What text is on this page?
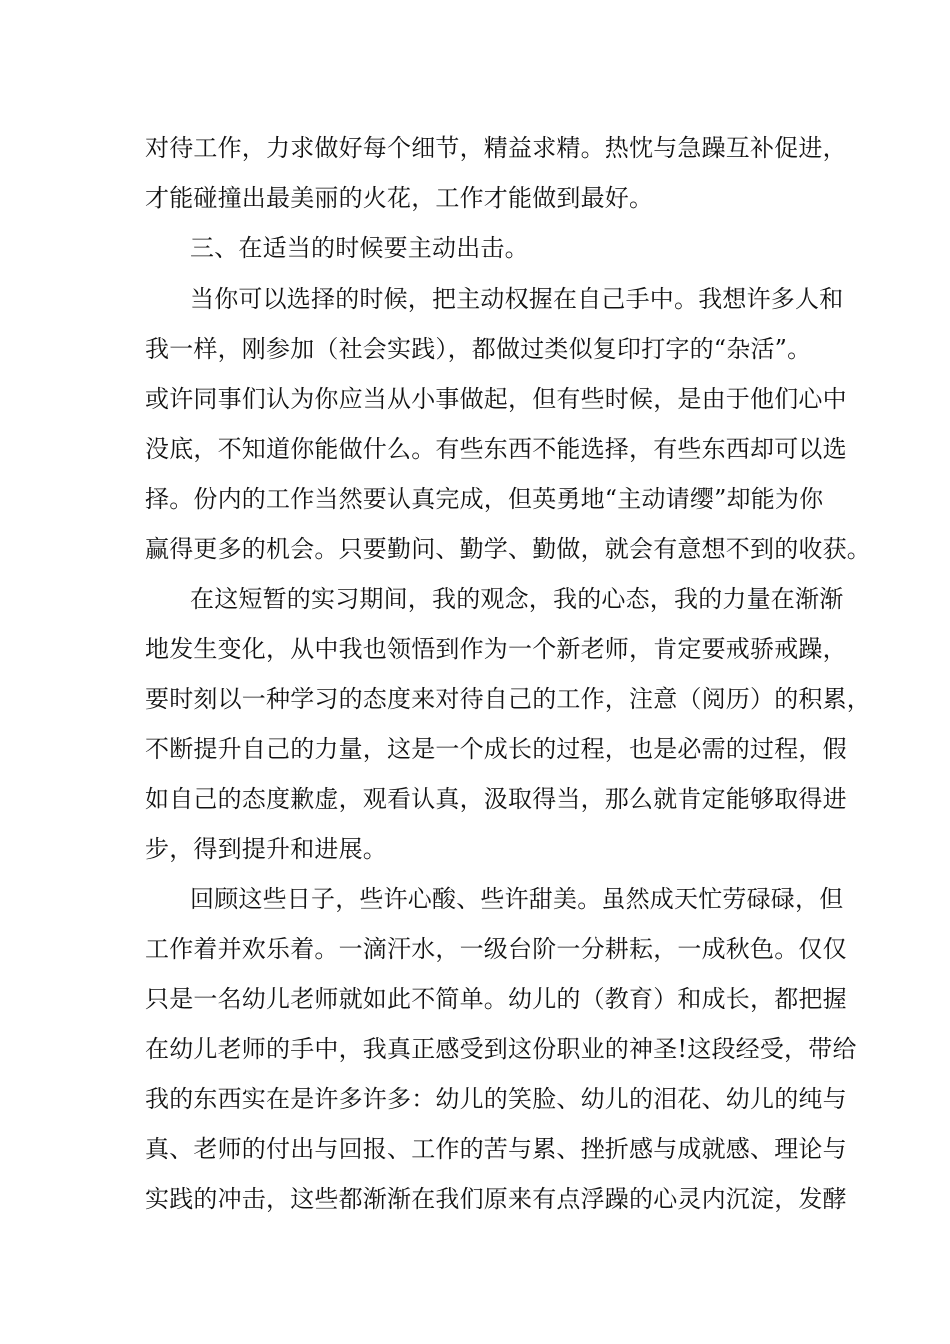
对待工作，力求做好每个细节，精益求精。热忱与急躁互补促进，
才能碰撞出最美丽的火花，工作才能做到最好。
三、在适当的时候要主动出击。
当你可以选择的时候，把主动权握在自己手中。我想许多人和
我一样，刚参加（社会实践），都做过类似复印打字的“杂活”。
或许同事们认为你应当从小事做起，但有些时候，是由于他们心中
没底，不知道你能做什么。有些东西不能选择，有些东西却可以选
择。份内的工作当然要认真完成，但英勇地“主动请缨”却能为你
赢得更多的机会。只要勤问、勤学、勤做，就会有意想不到的收获。
在这短暂的实习期间，我的观念，我的心态，我的力量在渐渐
地发生变化，从中我也领悟到作为一个新老师，肯定要戒骄戒躁，
要时刻以一种学习的态度来对待自己的工作，注意（阅历）的积累，
不断提升自己的力量，这是一个成长的过程，也是必需的过程，假
如自己的态度歉虚，观看认真，汲取得当，那么就肯定能够取得进
步，得到提升和进展。
回顾这些日子，些许心酸、些许甜美。虽然成天忙劳碌碌，但
工作着并欢乐着。一滴汗水，一级台阶一分耕耘，一成秋色。仅仅
只是一名幼儿老师就如此不简单。幼儿的（教育）和成长，都把握
在幼儿老师的手中，我真正感受到这份职业的神圣!这段经受，带给
我的东西实在是许多许多：幼儿的笑脸、幼儿的泪花、幼儿的纯与
真、老师的付出与回报、工作的苦与累、挫折感与成就感、理论与
实践的冲击，这些都渐渐在我们原来有点浮躁的心灵内沉淀，发酵
